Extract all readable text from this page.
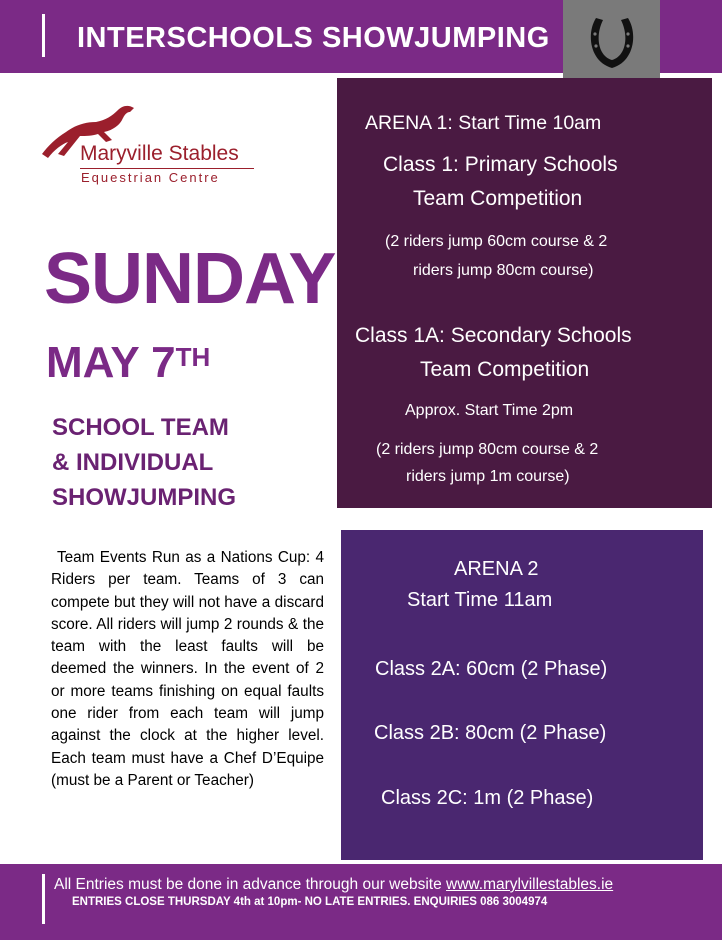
INTERSCHOOLS SHOWJUMPING
Maryville Stables
Equestrian Centre
SUNDAY
MAY 7TH
SCHOOL TEAM
& INDIVIDUAL
SHOWJUMPING
Team Events Run as a Nations Cup: 4 Riders per team. Teams of 3 can compete but they will not have a discard score. All riders will jump 2 rounds & the team with the least faults will be deemed the winners. In the event of 2 or more teams finishing on equal faults one rider from each team will jump against the clock at the higher level. Each team must have a Chef D’Equipe (must be a Parent or Teacher)
ARENA 1: Start Time 10am
Class 1: Primary Schools
Team Competition
(2 riders jump 60cm course & 2
riders jump 80cm course)
Class 1A: Secondary Schools
Team Competition
Approx. Start Time 2pm
(2 riders jump 80cm course & 2
riders jump 1m course)
ARENA 2
Start Time 11am
Class 2A: 60cm (2 Phase)
Class 2B: 80cm (2 Phase)
Class 2C: 1m (2 Phase)
All Entries must be done in advance through our website www.marylvillestables.ie
ENTRIES CLOSE THURSDAY 4th at 10pm- NO LATE ENTRIES. ENQUIRIES 086 3004974
